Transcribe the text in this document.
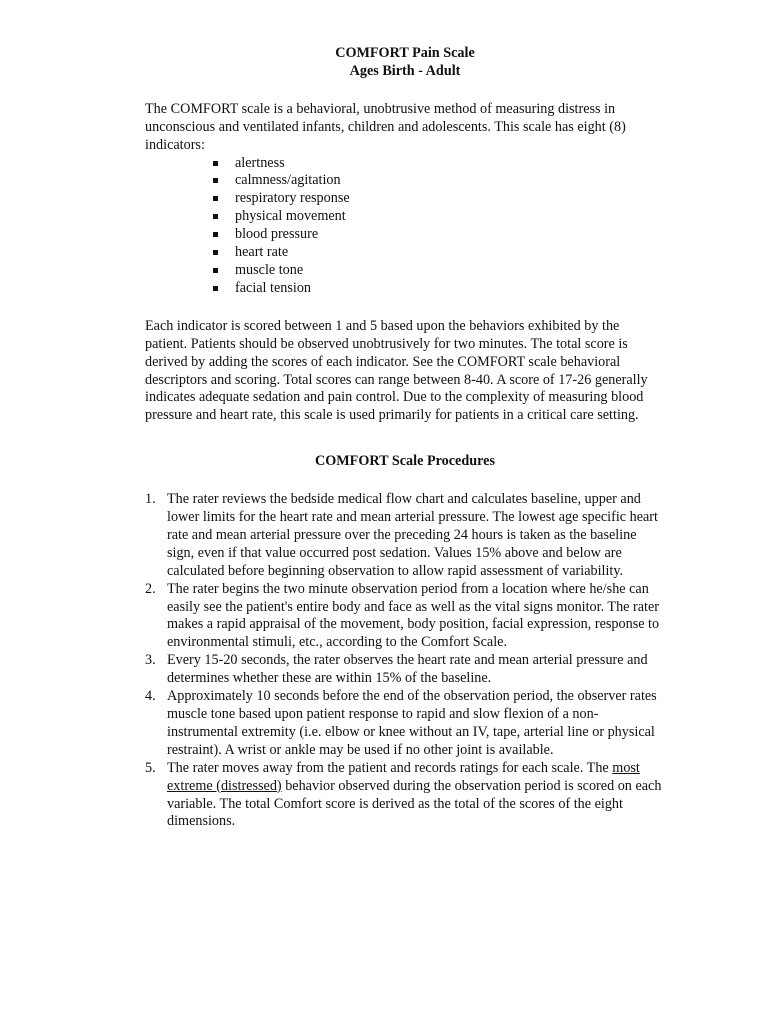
COMFORT Pain Scale

Ages Birth - Adult

The COMFORT scale is a behavioral, unobtrusive method of measuring distress in unconscious and ventilated infants, children and adolescents. This scale has eight (8) indicators:

alertness
calmness/agitation
respiratory response
physical movement
blood pressure
heart rate
muscle tone
facial tension

Each indicator is scored between 1 and 5 based upon the behaviors exhibited by the patient. Patients should be observed unobtrusively for two minutes. The total score is derived by adding the scores of each indicator. See the COMFORT scale behavioral descriptors and scoring. Total scores can range between 8-40. A score of 17-26 generally indicates adequate sedation and pain control. Due to the complexity of measuring blood pressure and heart rate, this scale is used primarily for patients in a critical care setting.

COMFORT Scale Procedures

1. The rater reviews the bedside medical flow chart and calculates baseline, upper and lower limits for the heart rate and mean arterial pressure. The lowest age specific heart rate and mean arterial pressure over the preceding 24 hours is taken as the baseline sign, even if that value occurred post sedation. Values 15% above and below are calculated before beginning observation to allow rapid assessment of variability.
2. The rater begins the two minute observation period from a location where he/she can easily see the patient's entire body and face as well as the vital signs monitor. The rater makes a rapid appraisal of the movement, body position, facial expression, response to environmental stimuli, etc., according to the Comfort Scale.
3. Every 15-20 seconds, the rater observes the heart rate and mean arterial pressure and determines whether these are within 15% of the baseline.
4. Approximately 10 seconds before the end of the observation period, the observer rates muscle tone based upon patient response to rapid and slow flexion of a non-instrumental extremity (i.e. elbow or knee without an IV, tape, arterial line or physical restraint). A wrist or ankle may be used if no other joint is available.
5. The rater moves away from the patient and records ratings for each scale. The most extreme (distressed) behavior observed during the observation period is scored on each variable. The total Comfort score is derived as the total of the scores of the eight dimensions.
